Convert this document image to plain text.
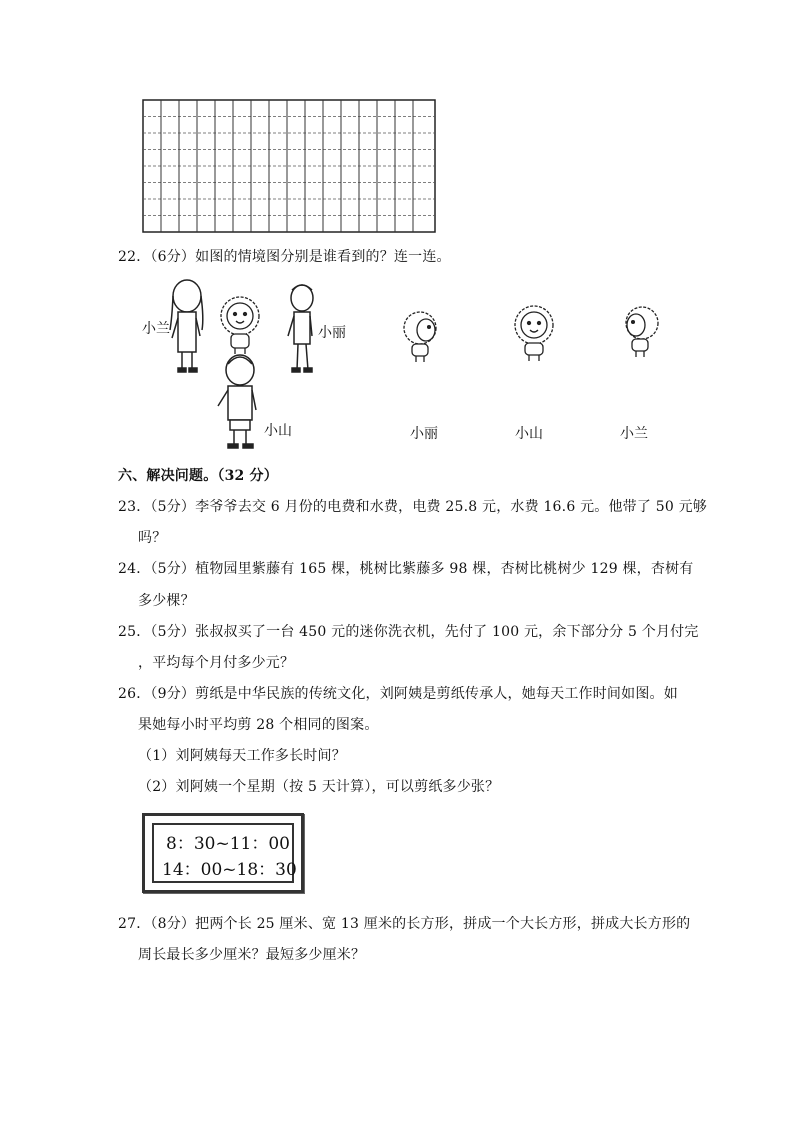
22．（6分）如图的情境图分别是谁看到的？连一连。
小兰	小丽
小山	小丽	小山	小兰
六、解决问题。（32 分）
23．（5分）李爷爷去交 6 月份的电费和水费，电费 25.8 元，水费 16.6 元。他带了 50 元够
吗？
24．（5分）植物园里紫藤有 165 棵，桃树比紫藤多 98 棵，杏树比桃树少 129 棵，杏树有
多少棵？
25．（5分）张叔叔买了一台 450 元的迷你洗衣机，先付了 100 元，余下部分分 5 个月付完
，平均每个月付多少元？
26．（9分）剪纸是中华民族的传统文化，刘阿姨是剪纸传承人，她每天工作时间如图。如
果她每小时平均剪 28 个相同的图案。
（1）刘阿姨每天工作多长时间？
（2）刘阿姨一个星期（按 5 天计算），可以剪纸多少张？
8：30~11：00
14：00~18：30
27．（8分）把两个长 25 厘米、宽 13 厘米的长方形，拼成一个大长方形，拼成大长方形的
周长最长多少厘米？最短多少厘米？
